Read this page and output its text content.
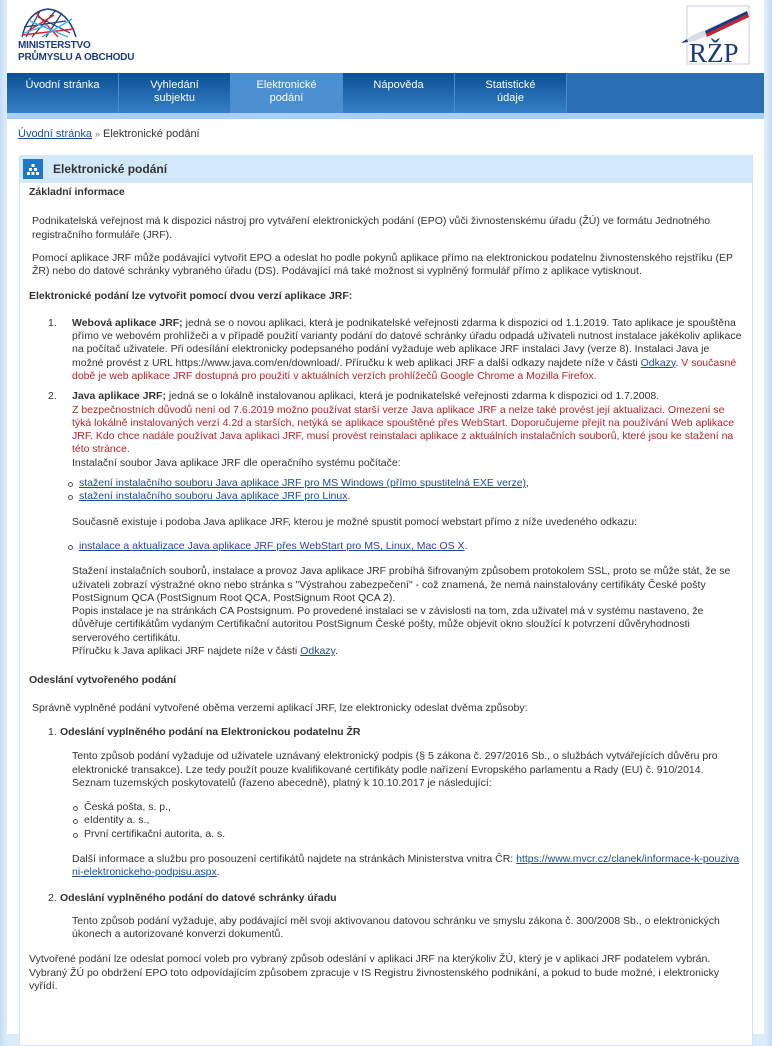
MINISTERSTVO
PRŮMYSLU A OBCHODU	RŽP
Úvodní stránka	Vyhledání
subjektu
Elektronické
podání
Nápověda	Statistické
údaje
Úvodní stránka » Elektronické podání
Elektronické podání
Základní informace

Podnikatelská veřejnost má k dispozici nástroj pro vytváření elektronických podání (EPO) vůči živnostenskému úřadu (ŽÚ) ve formátu Jednotného registračního formuláře (JRF).

Pomocí aplikace JRF může podávající vytvořit EPO a odeslat ho podle pokynů aplikace přímo na elektronickou podatelnu živnostenského rejstříku (EP ŽR) nebo do datové schránky vybraného úřadu (DS). Podávající má také možnost si vyplněný formulář přímo z aplikace vytisknout.

Elektronické podání lze vytvořit pomocí dvou verzí aplikace JRF:
1. Webová aplikace JRF; jedná se o novou aplikaci, která je podnikatelské veřejnosti zdarma k dispozici od 1.1.2019. Tato aplikace je spouštěna přímo ve webovém prohlížeči a v případě použití varianty podání do datové schránky úřadu odpadá uživateli nutnost instalace jakékoliv aplikace na počítač uživatele. Při odesílání elektronicky podepsaného podání vyžaduje web aplikace JRF instalaci Javy (verze 8). Instalaci Java je možné provést z URL https://www.java.com/en/download/. Příručku k web aplikaci JRF a další odkazy najdete níže v části Odkazy. V současné době je web aplikace JRF dostupná pro použití v aktuálních verzích prohlížečů Google Chrome a Mozilla Firefox.
2. Java aplikace JRF; jedná se o lokálně instalovanou aplikaci, která je podnikatelské veřejnosti zdarma k dispozici od 1.7.2008.
Z bezpečnostních důvodů není od 7.6.2019 možno používat starší verze Java aplikace JRF a nelze také provést její aktualizaci. Omezení se týká lokálně instalovaných verzí 4.2d a starších, netýká se aplikace spouštěné přes WebStart. Doporučujeme přejít na používání Web aplikace JRF. Kdo chce nadále používat Java aplikaci JRF, musí provést reinstalaci aplikace z aktuálních instalačních souborů, které jsou ke stažení na této stránce.
Instalační soubor Java aplikace JRF dle operačního systému počítače:
stažení instalačního souboru Java aplikace JRF pro MS Windows (přímo spustitelná EXE verze),
stažení instalačního souboru Java aplikace JRF pro Linux.

Současně existuje i podoba Java aplikace JRF, kterou je možné spustit pomocí webstart přímo z níže uvedeného odkazu:

instalace a aktualizace Java aplikace JRF přes WebStart pro MS, Linux, Mac OS X.

Stažení instalačních souborů, instalace a provoz Java aplikace JRF probíhá šifrovaným způsobem protokolem SSL, proto se může stát, že se uživateli zobrazí výstražné okno nebo stránka s "Výstrahou zabezpečení" - což znamená, že nemá nainstalovány certifikáty České pošty PostSignum QCA (PostSignum Root QCA, PostSignum Root QCA 2).

Popis instalace je na stránkách CA Postsignum. Po provedené instalaci se v závislosti na tom, zda uživatel má v systému nastaveno, že důvěřuje certifikátům vydaným Certifikační autoritou PostSignum České pošty, může objevit okno sloužící k potvrzení důvěryhodnosti serverového certifikátu.

Příručku k Java aplikaci JRF najdete níže v části Odkazy.

Odeslání vytvořeného podání

Správně vyplněné podání vytvořené oběma verzemi aplikací JRF, lze elektronicky odeslat dvěma způsoby:

1. Odeslání vyplněného podání na Elektronickou podatelnu ŽR

Tento způsob podání vyžaduje od uživatele uznávaný elektronický podpis (§ 5 zákona č. 297/2016 Sb., o službách vytvářejících důvěru pro elektronické transakce). Lze tedy použít pouze kvalifikované certifikáty podle nařízení Evropského parlamentu a Rady (EU) č. 910/2014. Seznam tuzemských poskytovatelů (řazeno abecedně), platný k 10.10.2017 je následující:

Česká pošta, s. p.,
eIdentity a. s.,
První certifikační autorita, a. s.

Další informace a službu pro posouzení certifikátů najdete na stránkách Ministerstva vnitra ČR: https://www.mvcr.cz/clanek/informace-k-pouzivani-elektronickeho-podpisu.aspx.

2. Odeslání vyplněného podání do datové schránky úřadu

Tento způsob podání vyžaduje, aby podávající měl svoji aktivovanou datovou schránku ve smyslu zákona č. 300/2008 Sb., o elektronických úkonech a autorizované konverzi dokumentů.

Vytvořené podání lze odeslat pomocí voleb pro vybraný způsob odeslání v aplikaci JRF na kterýkoliv ŽÚ, který je v aplikaci JRF podatelem vybrán. Vybraný ŽÚ po obdržení EPO toto odpovídajícím způsobem zpracuje v IS Registru živnostenského podnikání, a pokud to bude možné, i elektronicky vyřídí.
